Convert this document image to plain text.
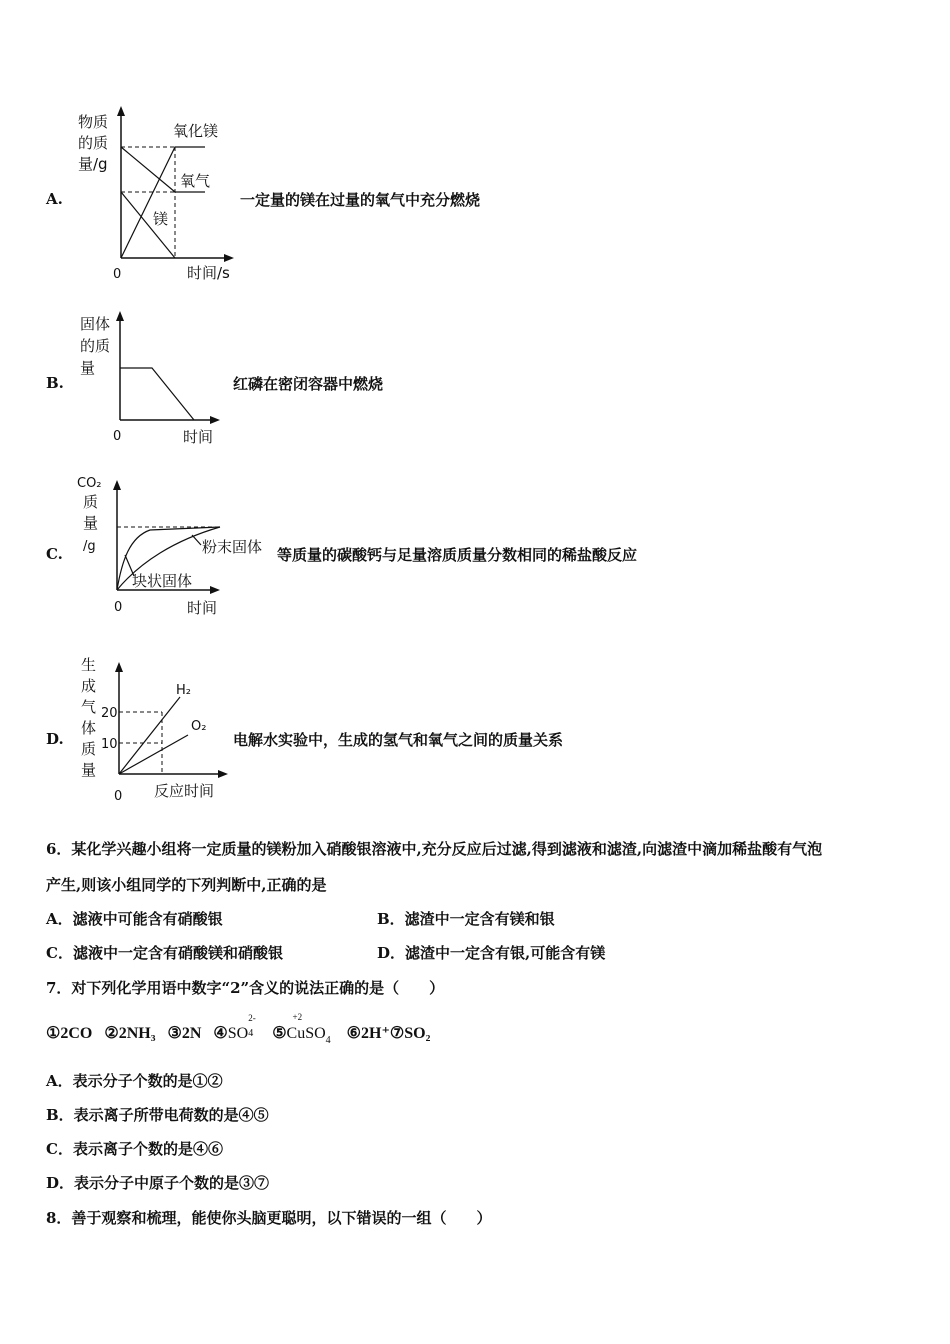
A.
物质
的质
量/g
氧化镁
氧气
镁
0	时间/s
一定量的镁在过量的氧气中充分燃烧
B.
固体
的质
量
0	时间
红磷在密闭容器中燃烧
C.
CO₂
质
量
/g	粉末固体
块状固体
0	时间
等质量的碳酸钙与足量溶质质量分数相同的稀盐酸反应
D.
生
成
气
体
质
量
20
10
H₂
O₂
0 反应时间
电解水实验中，生成的氢气和氧气之间的质量关系
6．某化学兴趣小组将一定质量的镁粉加入硝酸银溶液中,充分反应后过滤,得到滤液和滤渣,向滤渣中滴加稀盐酸有气泡
产生,则该小组同学的下列判断中,正确的是
A．滤液中可能含有硝酸银	B．滤渣中一定含有镁和银
C．滤液中一定含有硝酸镁和硝酸银	D．滤渣中一定含有银,可能含有镁
7．对下列化学用语中数字“2”含义的说法正确的是（　　）
①2CO ②2NH₃ ③2N ④SO
2-
4 ⑤
+2
CuSO$_4$ ⑥2H⁺⑦SO₂
A．表示分子个数的是①②
B．表示离子所带电荷数的是④⑤
C．表示离子个数的是④⑥
D．表示分子中原子个数的是③⑦
8．善于观察和梳理，能使你头脑更聪明，以下错误的一组（　　）
